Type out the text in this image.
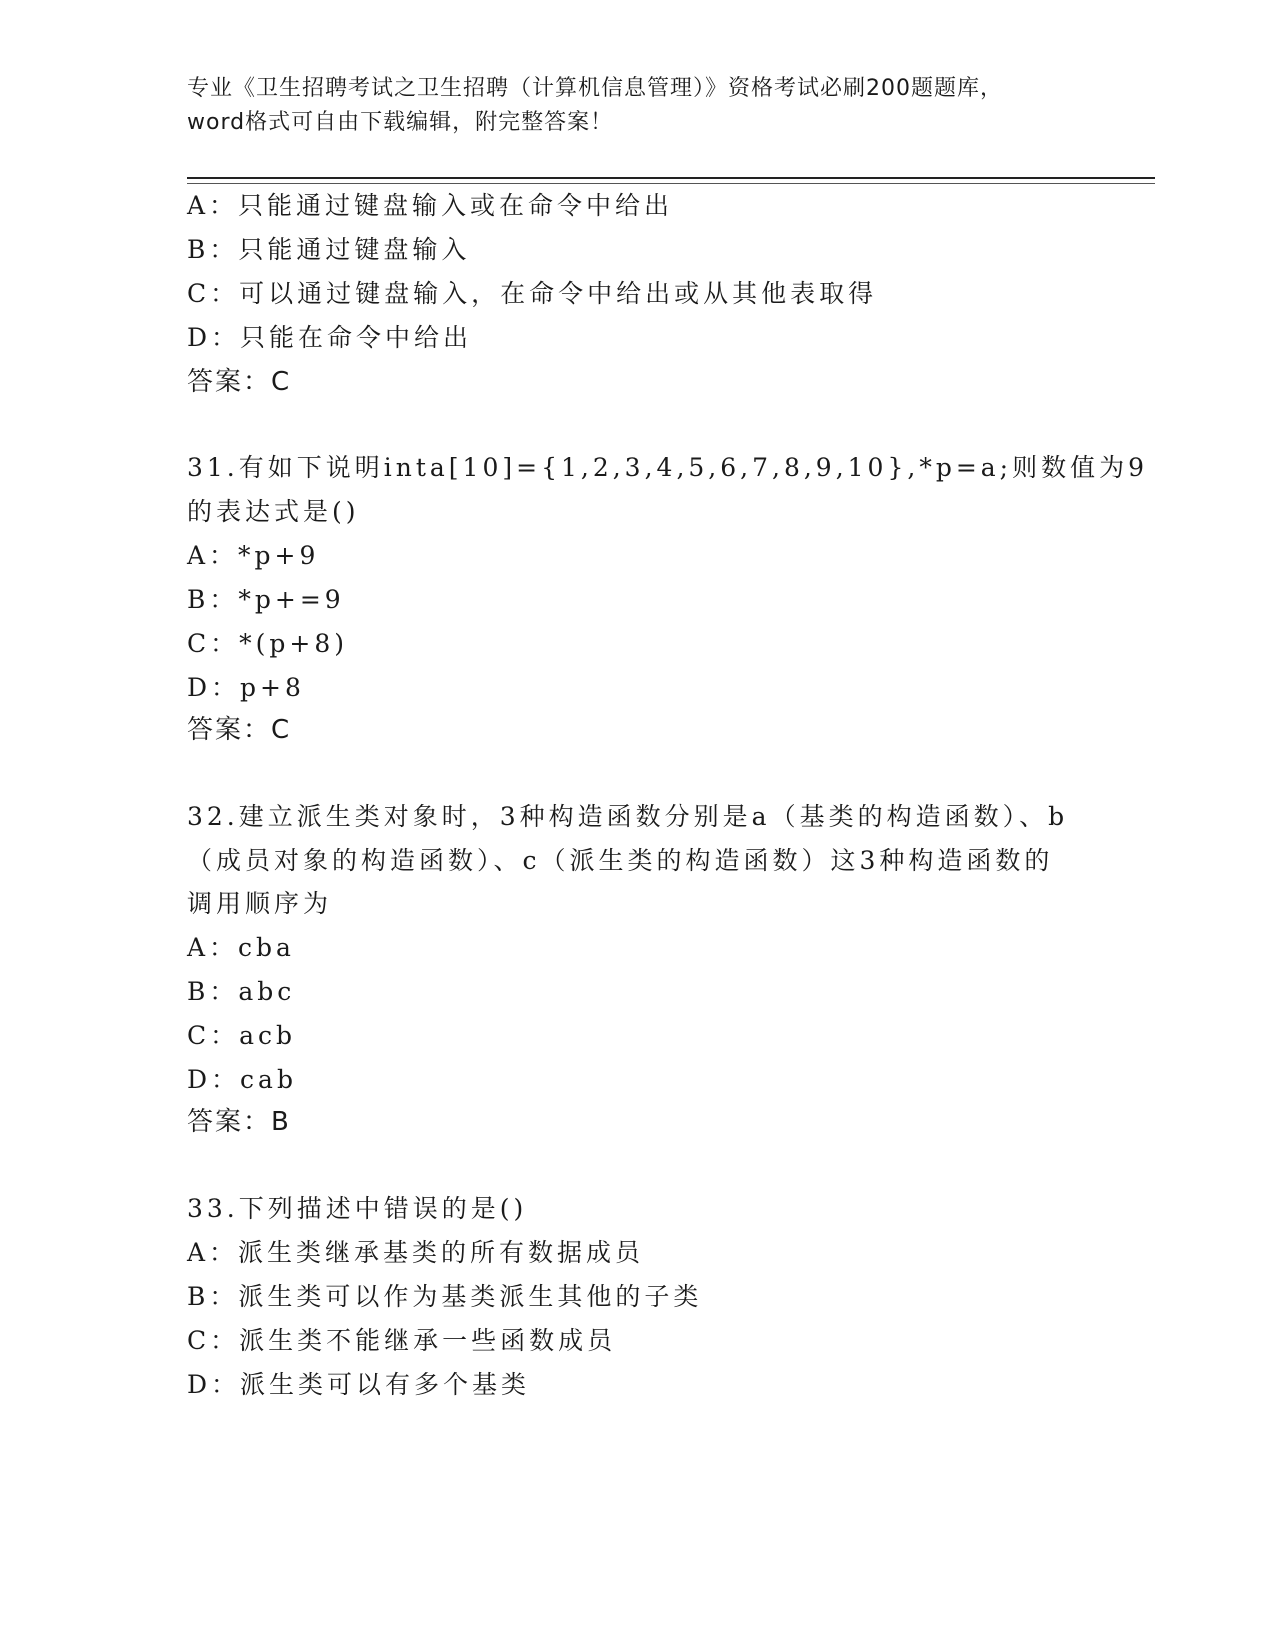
专业《卫生招聘考试之卫生招聘（计算机信息管理）》资格考试必刷200题题库，
word格式可自由下载编辑，附完整答案！
A：只能通过键盘输入或在命令中给出
B：只能通过键盘输入
C：可以通过键盘输入，在命令中给出或从其他表取得
D：只能在命令中给出
答案：C
31.有如下说明inta[10]={1,2,3,4,5,6,7,8,9,10},*p=a;则数值为9
的表达式是()
A：*p+9
B：*p+=9
C：*(p+8)
D：p+8
答案：C
32.建立派生类对象时，3种构造函数分别是a（基类的构造函数）、b
（成员对象的构造函数）、c（派生类的构造函数）这3种构造函数的
调用顺序为
A：cba
B：abc
C：acb
D：cab
答案：B
33.下列描述中错误的是()
A：派生类继承基类的所有数据成员
B：派生类可以作为基类派生其他的子类
C：派生类不能继承一些函数成员
D：派生类可以有多个基类
